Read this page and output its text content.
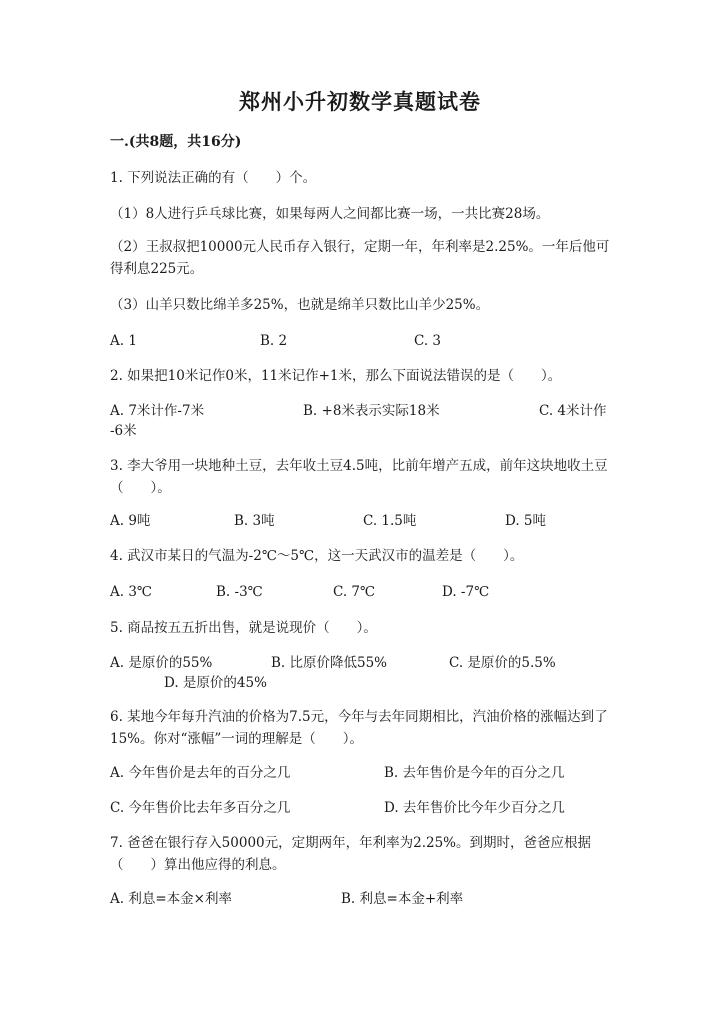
郑州小升初数学真题试卷
一.(共8题，共16分)
1. 下列说法正确的有（　　）个。
（1）8人进行乒乓球比赛，如果每两人之间都比赛一场，一共比赛28场。
（2）王叔叔把10000元人民币存入银行，定期一年，年利率是2.25%。一年后他可得利息225元。
（3）山羊只数比绵羊多25%，也就是绵羊只数比山羊少25%。
A. 1	B. 2	C. 3
2. 如果把10米记作0米，11米记作+1米，那么下面说法错误的是（　　）。
A. 7米计作-7米	B. +8米表示实际18米	C. 4米计作
-6米
3. 李大爷用一块地种土豆，去年收土豆4.5吨，比前年增产五成，前年这块地收土豆（　　）。
A. 9吨	B. 3吨	C. 1.5吨	D. 5吨
4. 武汉市某日的气温为-2℃～5℃，这一天武汉市的温差是（　　）。
A. 3℃	B. -3℃	C. 7℃	D. -7℃
5. 商品按五五折出售，就是说现价（　　）。
A. 是原价的55%	B. 比原价降低55%	C. 是原价的5.5%
D. 是原价的45%
6. 某地今年每升汽油的价格为7.5元，今年与去年同期相比，汽油价格的涨幅达到了15%。你对“涨幅”一词的理解是（　　）。
A. 今年售价是去年的百分之几	B. 去年售价是今年的百分之几
C. 今年售价比去年多百分之几	D. 去年售价比今年少百分之几
7. 爸爸在银行存入50000元，定期两年，年利率为2.25%。到期时，爸爸应根据（　　）算出他应得的利息。
A. 利息=本金×利率	B. 利息=本金+利率
